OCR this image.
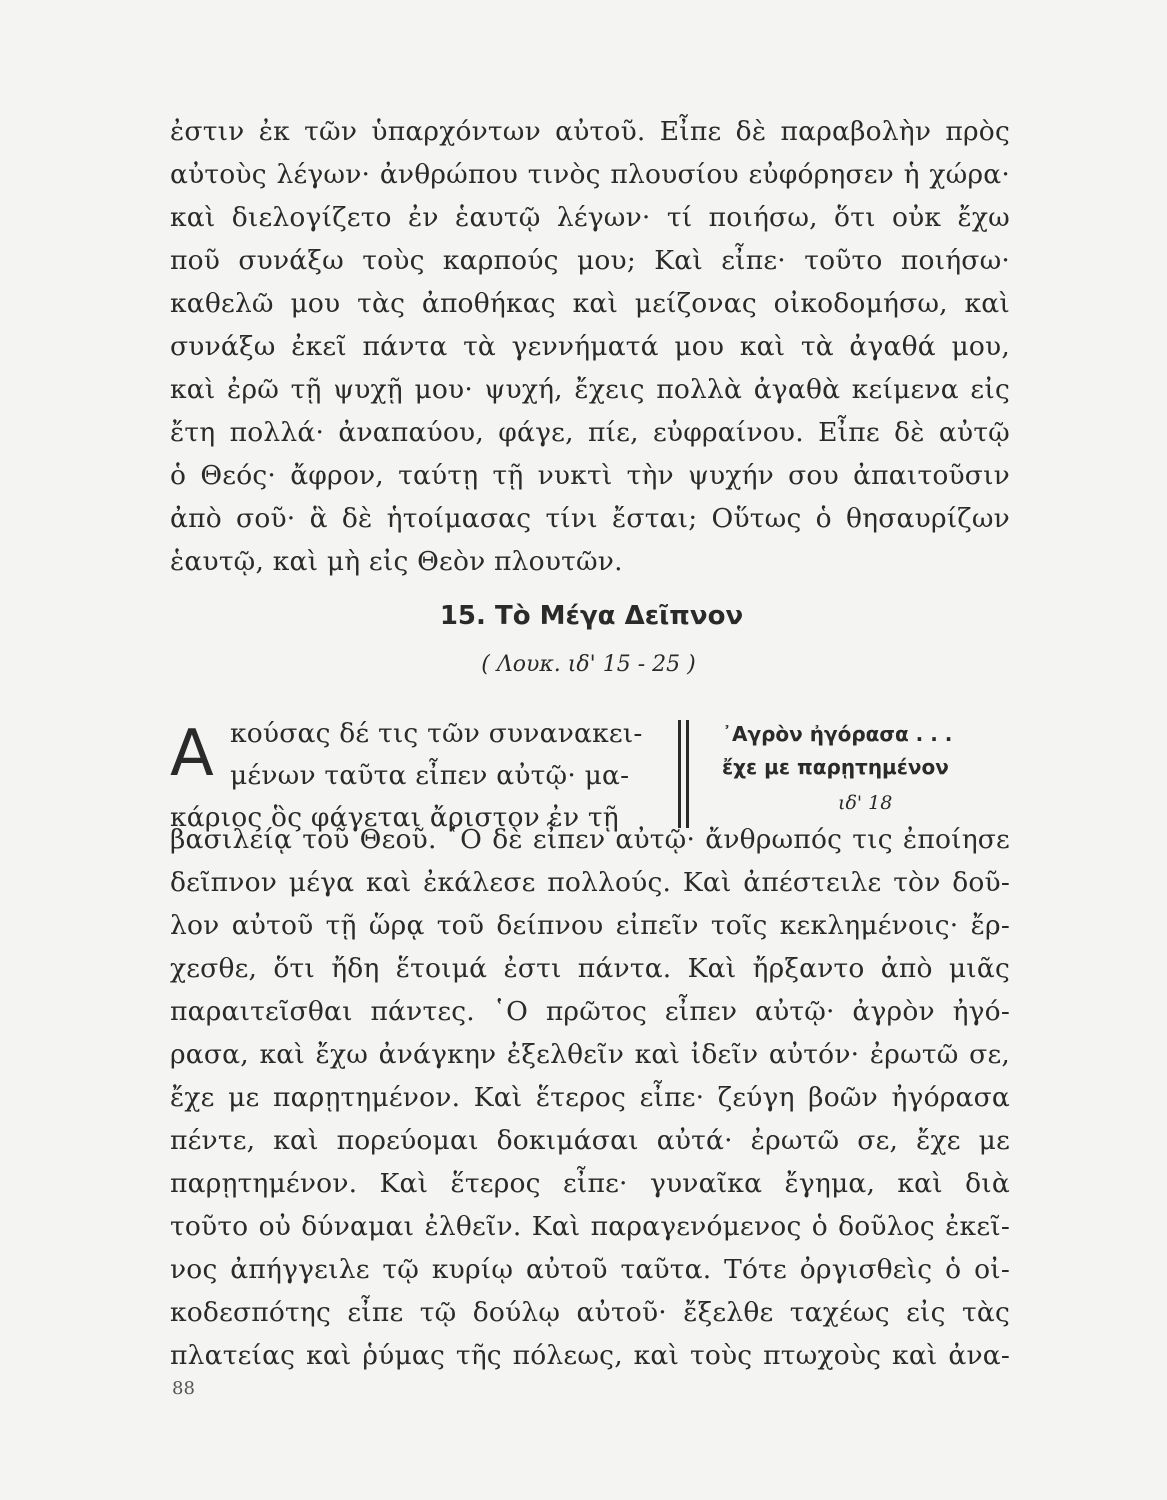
ἐστιν ἐκ τῶν ὑπαρχόντων αὐτοῦ. Εἶπε δὲ παραβολὴν πρὸς
αὐτοὺς λέγων· ἀνθρώπου τινὸς πλουσίου εὐφόρησεν ἡ χώρα·
καὶ διελογίζετο ἐν ἑαυτῷ λέγων· τί ποιήσω, ὅτι οὐκ ἔχω
ποῦ συνάξω τοὺς καρπούς μου; Καὶ εἶπε· τοῦτο ποιήσω·
καθελῶ μου τὰς ἀποθήκας καὶ μείζονας οἰκοδομήσω, καὶ
συνάξω ἐκεῖ πάντα τὰ γεννήματά μου καὶ τὰ ἀγαθά μου,
καὶ ἐρῶ τῇ ψυχῇ μου· ψυχή, ἔχεις πολλὰ ἀγαθὰ κείμενα εἰς
ἔτη πολλά· ἀναπαύου, φάγε, πίε, εὐφραίνου. Εἶπε δὲ αὐτῷ
ὁ Θεός· ἄφρον, ταύτῃ τῇ νυκτὶ τὴν ψυχήν σου ἀπαιτοῦσιν
ἀπὸ σοῦ· ἃ δὲ ἡτοίμασας τίνι ἔσται; Οὕτως ὁ θησαυρίζων
ἑαυτῷ, καὶ μὴ εἰς Θεὸν πλουτῶν.
15. Τὸ Μέγα Δεῖπνον
( Λουκ. ιδ' 15 - 25 )
Α κούσας δέ τις τῶν συνανακει-
μένων ταῦτα εἶπεν αὐτῷ· μα-
κάριος ὃς φάγεται ἄριστον ἐν τῇ
᾿Αγρὸν ἠγόρασα . . .
ἔχε με παρῃτημένον
ιδ' 18
βασιλείᾳ τοῦ Θεοῦ. ῾Ο δὲ εἶπεν αὐτῷ· ἄνθρωπός τις ἐποίησε
δεῖπνον μέγα καὶ ἐκάλεσε πολλούς. Καὶ ἀπέστειλε τὸν δοῦ-
λον αὐτοῦ τῇ ὥρᾳ τοῦ δείπνου εἰπεῖν τοῖς κεκλημένοις· ἔρ-
χεσθε, ὅτι ἤδη ἕτοιμά ἐστι πάντα. Καὶ ἤρξαντο ἀπὸ μιᾶς
παραιτεῖσθαι πάντες. ῾Ο πρῶτος εἶπεν αὐτῷ· ἀγρὸν ἠγό-
ρασα, καὶ ἔχω ἀνάγκην ἐξελθεῖν καὶ ἰδεῖν αὐτόν· ἐρωτῶ σε,
ἔχε με παρῃτημένον. Καὶ ἕτερος εἶπε· ζεύγη βοῶν ἠγόρασα
πέντε, καὶ πορεύομαι δοκιμάσαι αὐτά· ἐρωτῶ σε, ἔχε με
παρῃτημένον. Καὶ ἕτερος εἶπε· γυναῖκα ἔγημα, καὶ διὰ
τοῦτο οὐ δύναμαι ἐλθεῖν. Καὶ παραγενόμενος ὁ δοῦλος ἐκεῖ-
νος ἀπήγγειλε τῷ κυρίῳ αὐτοῦ ταῦτα. Τότε ὀργισθεὶς ὁ οἰ-
κοδεσπότης εἶπε τῷ δούλῳ αὐτοῦ· ἔξελθε ταχέως εἰς τὰς
πλατείας καὶ ῥύμας τῆς πόλεως, καὶ τοὺς πτωχοὺς καὶ ἀνα-
88
